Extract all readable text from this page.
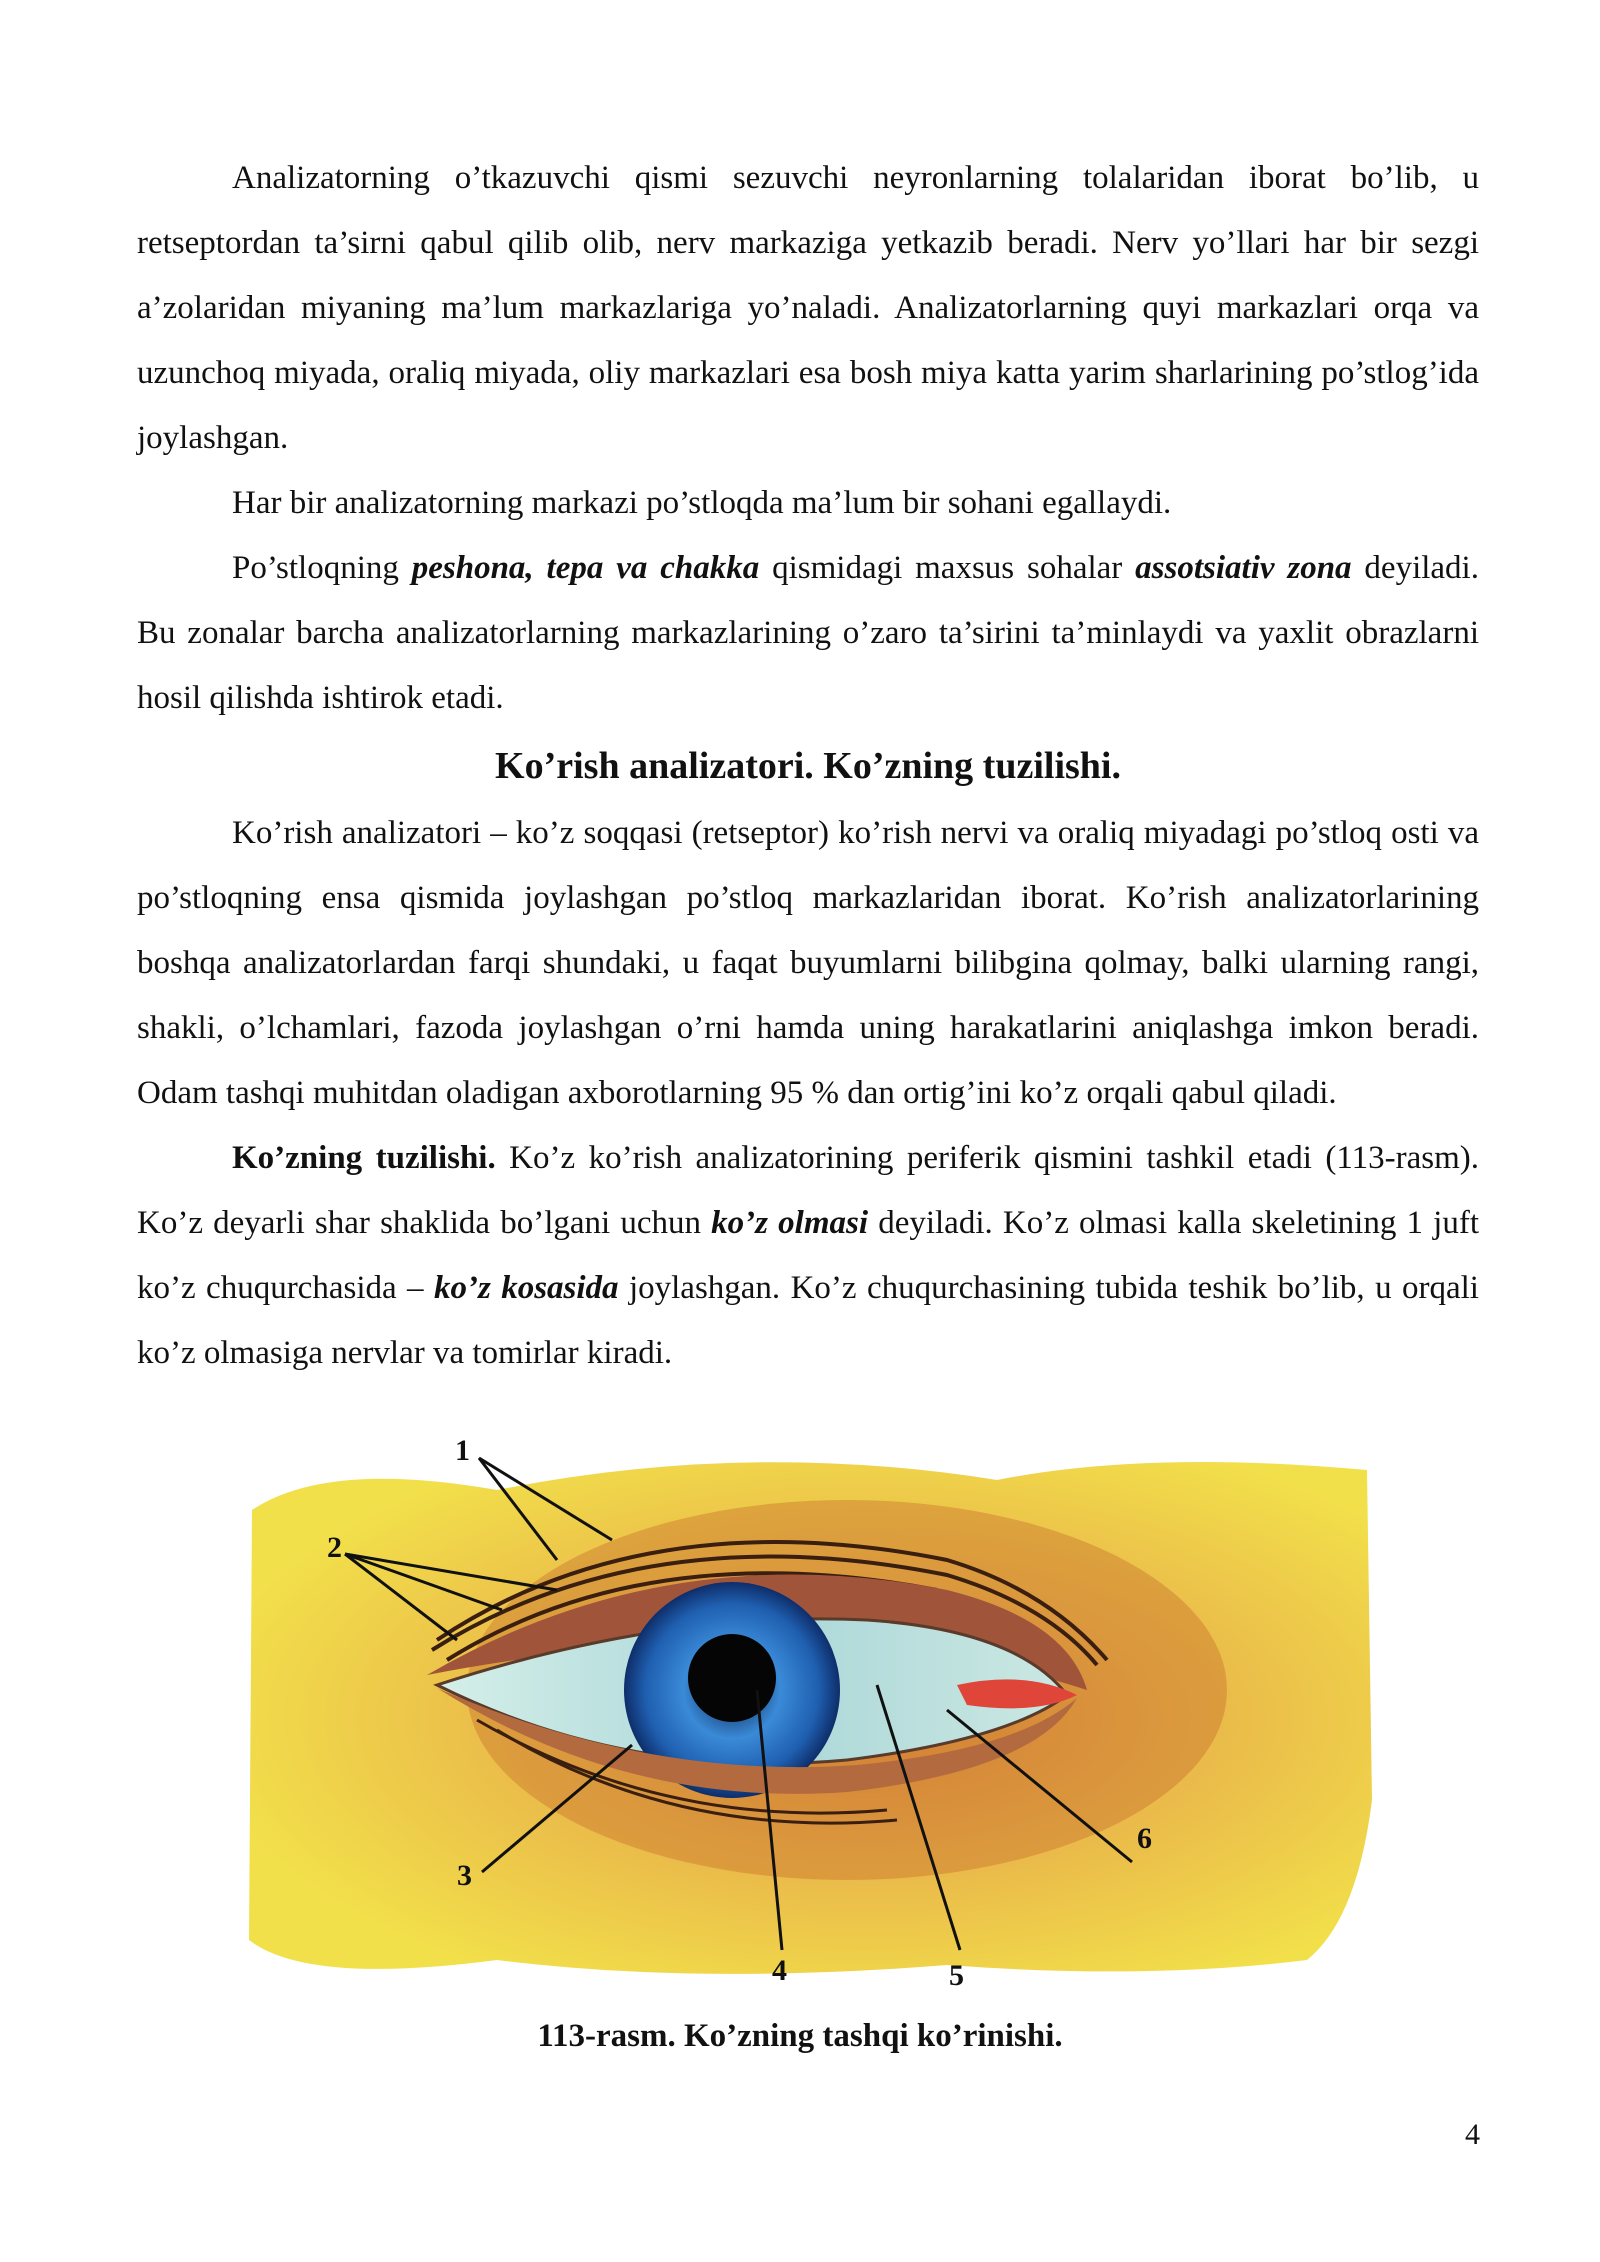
Analizatorning o’tkazuvchi qismi sezuvchi neyronlarning tolalaridan iborat bo’lib, u retseptordan ta’sirni qabul qilib olib, nerv markaziga yetkazib beradi. Nerv yo’llari har bir sezgi a’zolaridan miyaning ma’lum markazlariga yo’naladi. Analizatorlarning quyi markazlari orqa va uzunchoq miyada, oraliq miyada, oliy markazlari esa bosh miya katta yarim sharlarining po’stlog’ida joylashgan.

Har bir analizatorning markazi po’stloqda ma’lum bir sohani egallaydi.

Po’stloqning peshona, tepa va chakka qismidagi maxsus sohalar assotsiativ zona deyiladi. Bu zonalar barcha analizatorlarning markazlarining o’zaro ta’sirini ta’minlaydi va yaxlit obrazlarni hosil qilishda ishtirok etadi.

Ko’rish analizatori. Ko’zning tuzilishi.

Ko’rish analizatori – ko’z soqqasi (retseptor) ko’rish nervi va oraliq miyadagi po’stloq osti va po’stloqning ensa qismida joylashgan po’stloq markazlaridan iborat. Ko’rish analizatorlarining boshqa analizatorlardan farqi shundaki, u faqat buyumlarni bilibgina qolmay, balki ularning rangi, shakli, o’lchamlari, fazoda joylashgan o’rni hamda uning harakatlarini aniqlashga imkon beradi. Odam tashqi muhitdan oladigan axborotlarning 95 % dan ortig’ini ko’z orqali qabul qiladi.

Ko’zning tuzilishi. Ko’z ko’rish analizatorining periferik qismini tashkil etadi (113-rasm). Ko’z deyarli shar shaklida bo’lgani uchun ko’z olmasi deyiladi. Ko’z olmasi kalla skeletining 1 juft ko’z chuqurchasida – ko’z kosasida joylashgan. Ko’z chuqurchasining tubida teshik bo’lib, u orqali ko’z olmasiga nervlar va tomirlar kiradi.

1
2
3
4	5
6
113-rasm. Ko’zning tashqi ko’rinishi.
4
